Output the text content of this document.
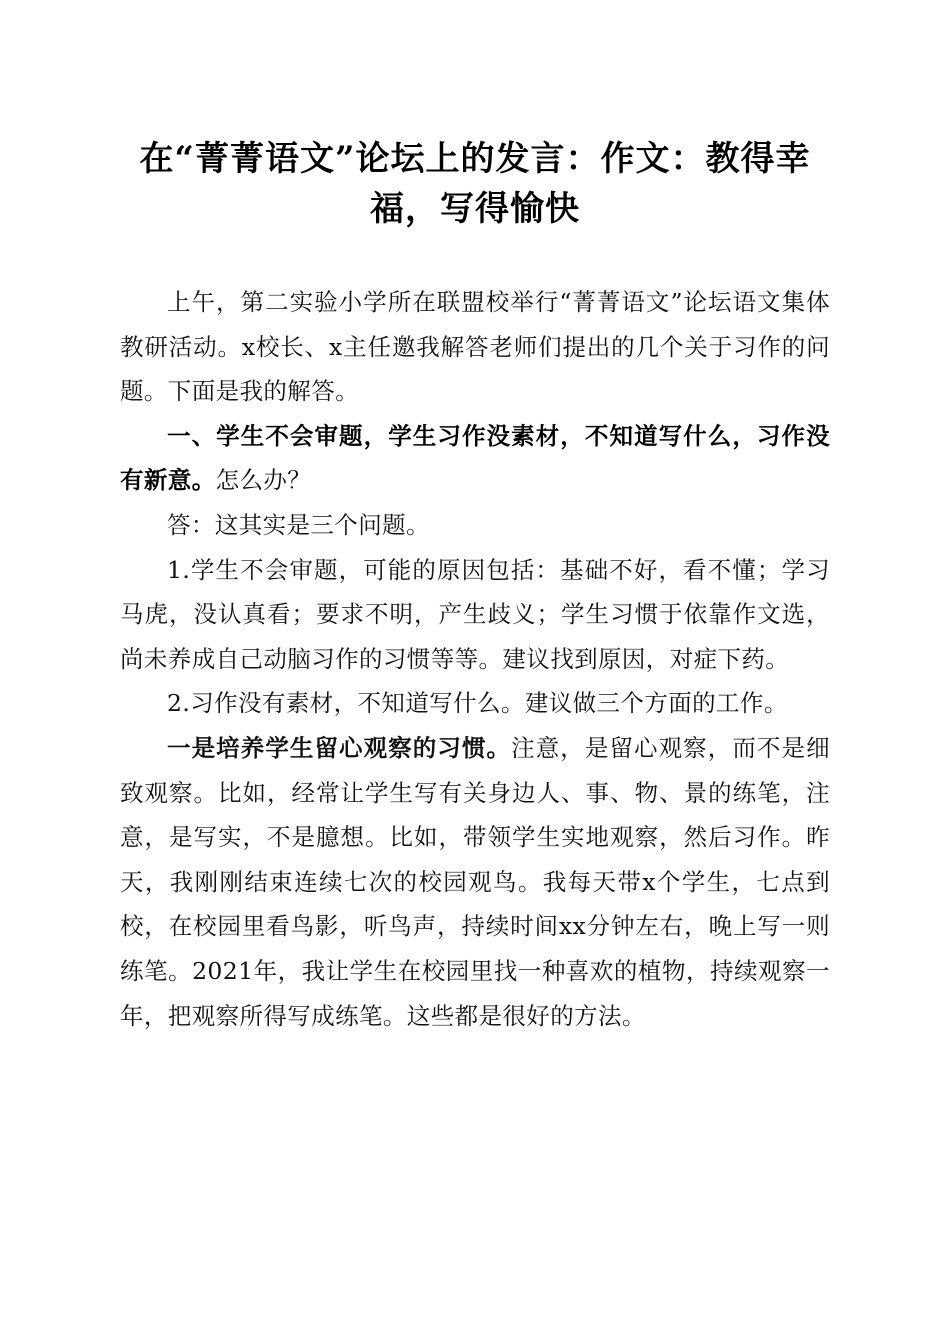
在“菁菁语文”论坛上的发言：作文：教得幸福，写得愉快

上午，第二实验小学所在联盟校举行“菁菁语文”论坛语文集体教研活动。x校长、x主任邀我解答老师们提出的几个关于习作的问题。下面是我的解答。

一、学生不会审题，学生习作没素材，不知道写什么，习作没有新意。怎么办？

答：这其实是三个问题。

1.学生不会审题，可能的原因包括：基础不好，看不懂；学习马虎，没认真看；要求不明，产生歧义；学生习惯于依靠作文选，尚未养成自己动脑习作的习惯等等。建议找到原因，对症下药。

2.习作没有素材，不知道写什么。建议做三个方面的工作。

一是培养学生留心观察的习惯。注意，是留心观察，而不是细致观察。比如，经常让学生写有关身边人、事、物、景的练笔，注意，是写实，不是臆想。比如，带领学生实地观察，然后习作。昨天，我刚刚结束连续七次的校园观鸟。我每天带x个学生，七点到校，在校园里看鸟影，听鸟声，持续时间xx分钟左右，晚上写一则练笔。2021年，我让学生在校园里找一种喜欢的植物，持续观察一年，把观察所得写成练笔。这些都是很好的方法。
